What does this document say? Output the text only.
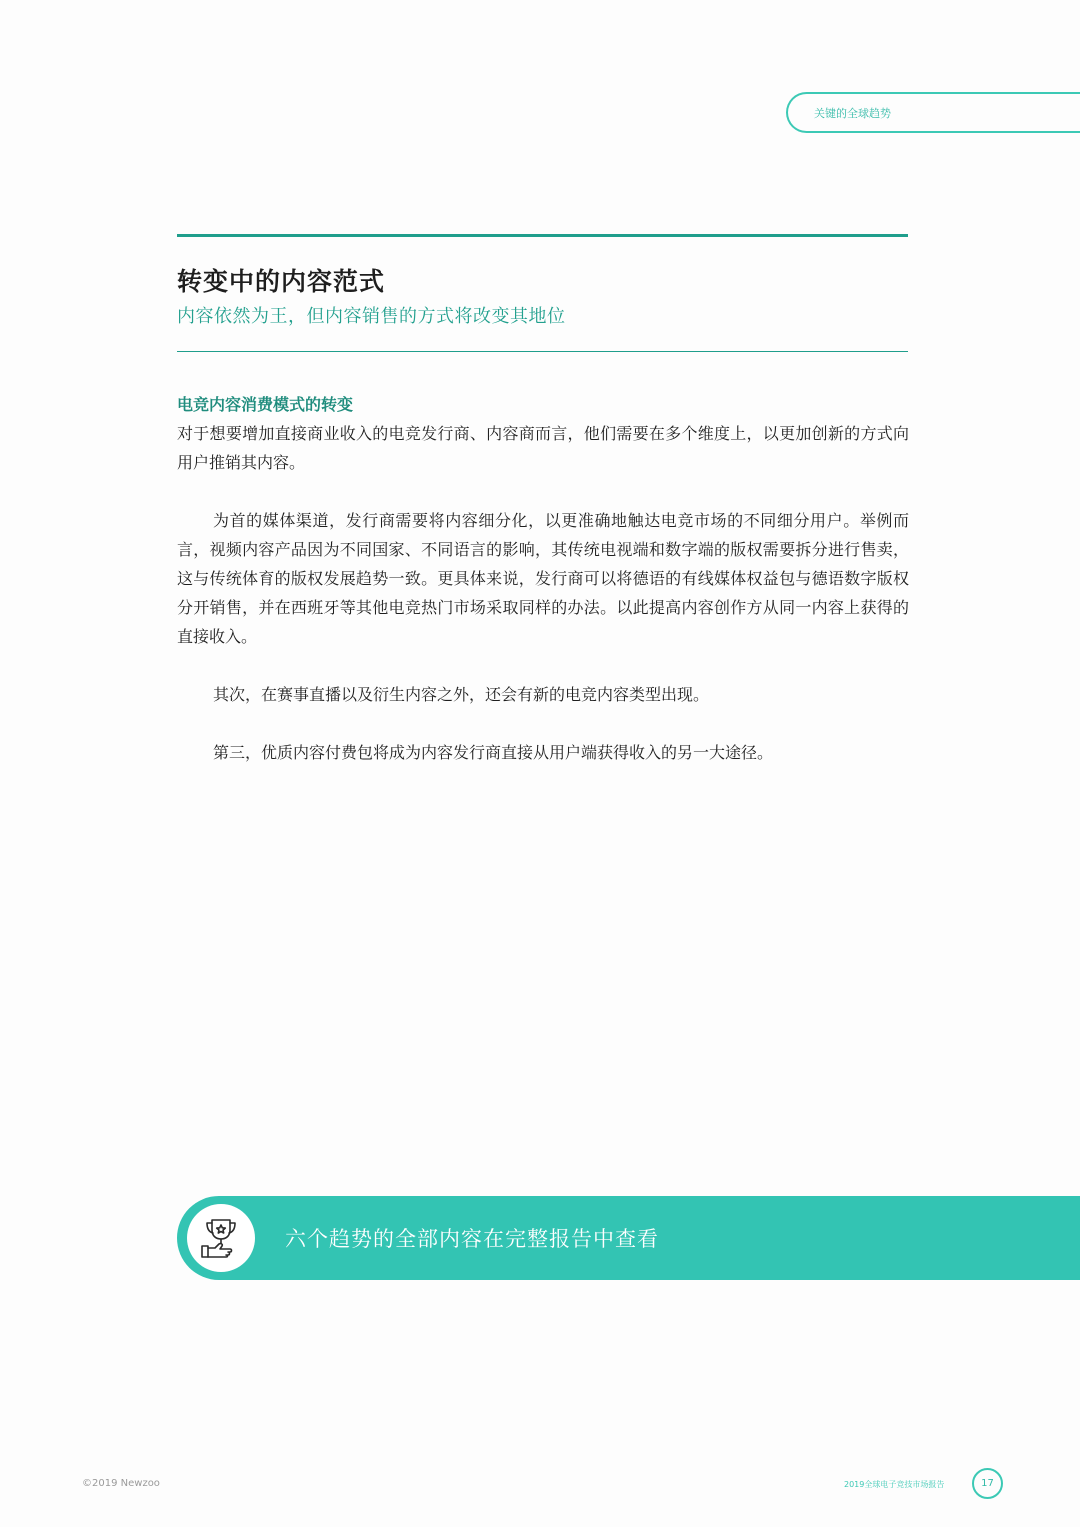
关键的全球趋势
转变中的内容范式
内容依然为王，但内容销售的方式将改变其地位
电竞内容消费模式的转变

对于想要增加直接商业收入的电竞发行商、内容商而言，他们需要在多个维度上，以更加创新的方式向用户推销其内容。

为首的媒体渠道，发行商需要将内容细分化，以更准确地触达电竞市场的不同细分用户。举例而言，视频内容产品因为不同国家、不同语言的影响，其传统电视端和数字端的版权需要拆分进行售卖，这与传统体育的版权发展趋势一致。更具体来说，发行商可以将德语的有线媒体权益包与德语数字版权分开销售，并在西班牙等其他电竞热门市场采取同样的办法。以此提高内容创作方从同一内容上获得的直接收入。

其次，在赛事直播以及衍生内容之外，还会有新的电竞内容类型出现。

第三，优质内容付费包将成为内容发行商直接从用户端获得收入的另一大途径。

六个趋势的全部内容在完整报告中查看
©2019 Newzoo	2019全球电子竞技市场报告	17
